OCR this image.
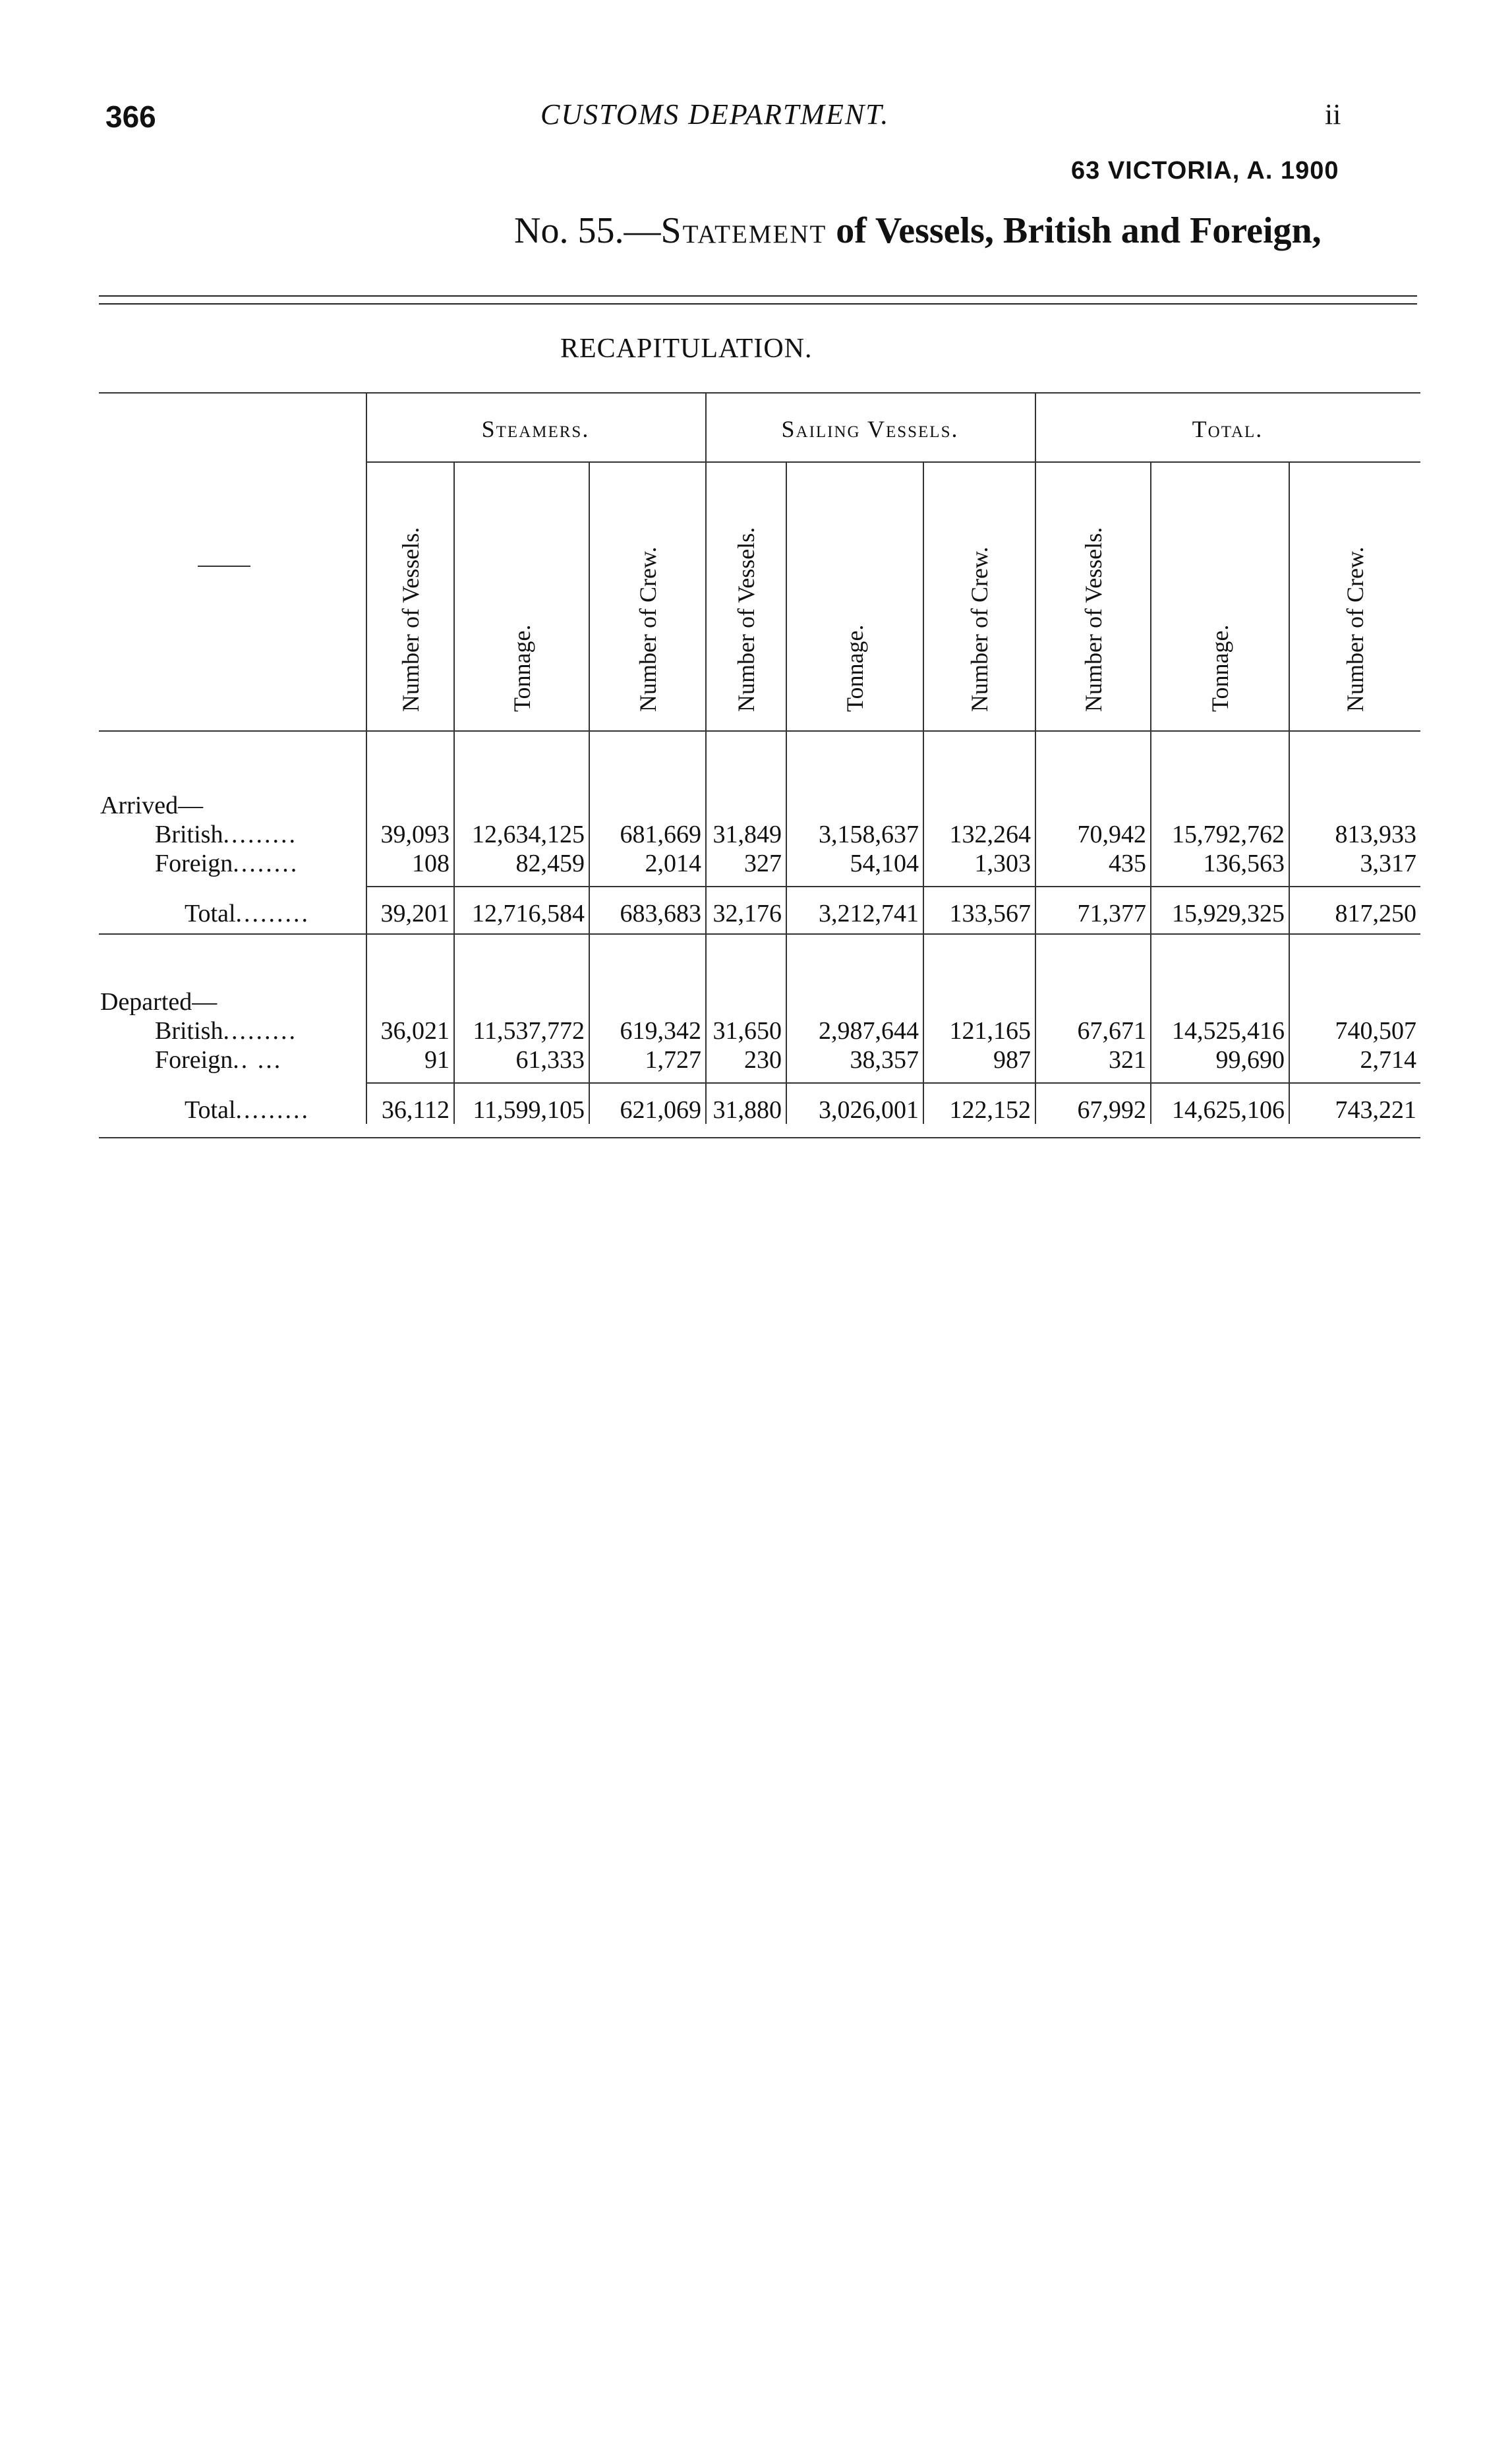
366	CUSTOMS DEPARTMENT.	ii
63 VICTORIA, A. 1900
No. 55.—Statement of Vessels, British and Foreign,
RECAPITULATION.
Steamers.	Sailing Vessels.	Total.
Number of Vessels.	Tonnage.	Number of Crew.	Number of Vessels.	Tonnage.	Number of Crew.	Number of Vessels.	Tonnage.	Number of Crew.
Arrived—
British.........	39,093 12,634,125 681,669 31,849 3,158,637 132,264 70,942 15,792,762 813,933
Foreign........	108	82,459 2,014 327	54,104 1,303	435 136,563	3,317
Total.........	39,201 12,716,584 683,683 32,176 3,212,741 133,567 71,377 15,929,325 817,250
Departed—
British.........	36,021 11,537,772 619,342 31,650 2,987,644 121,165 67,671 14,525,416 740,507
Foreign.. ...	91	61,333 1,727 230	38,357	987	321	99,690	2,714
Total.........	36,112 11,599,105 621,069 31,880 3,026,001 122,152 67,992 14,625,106 743,221
